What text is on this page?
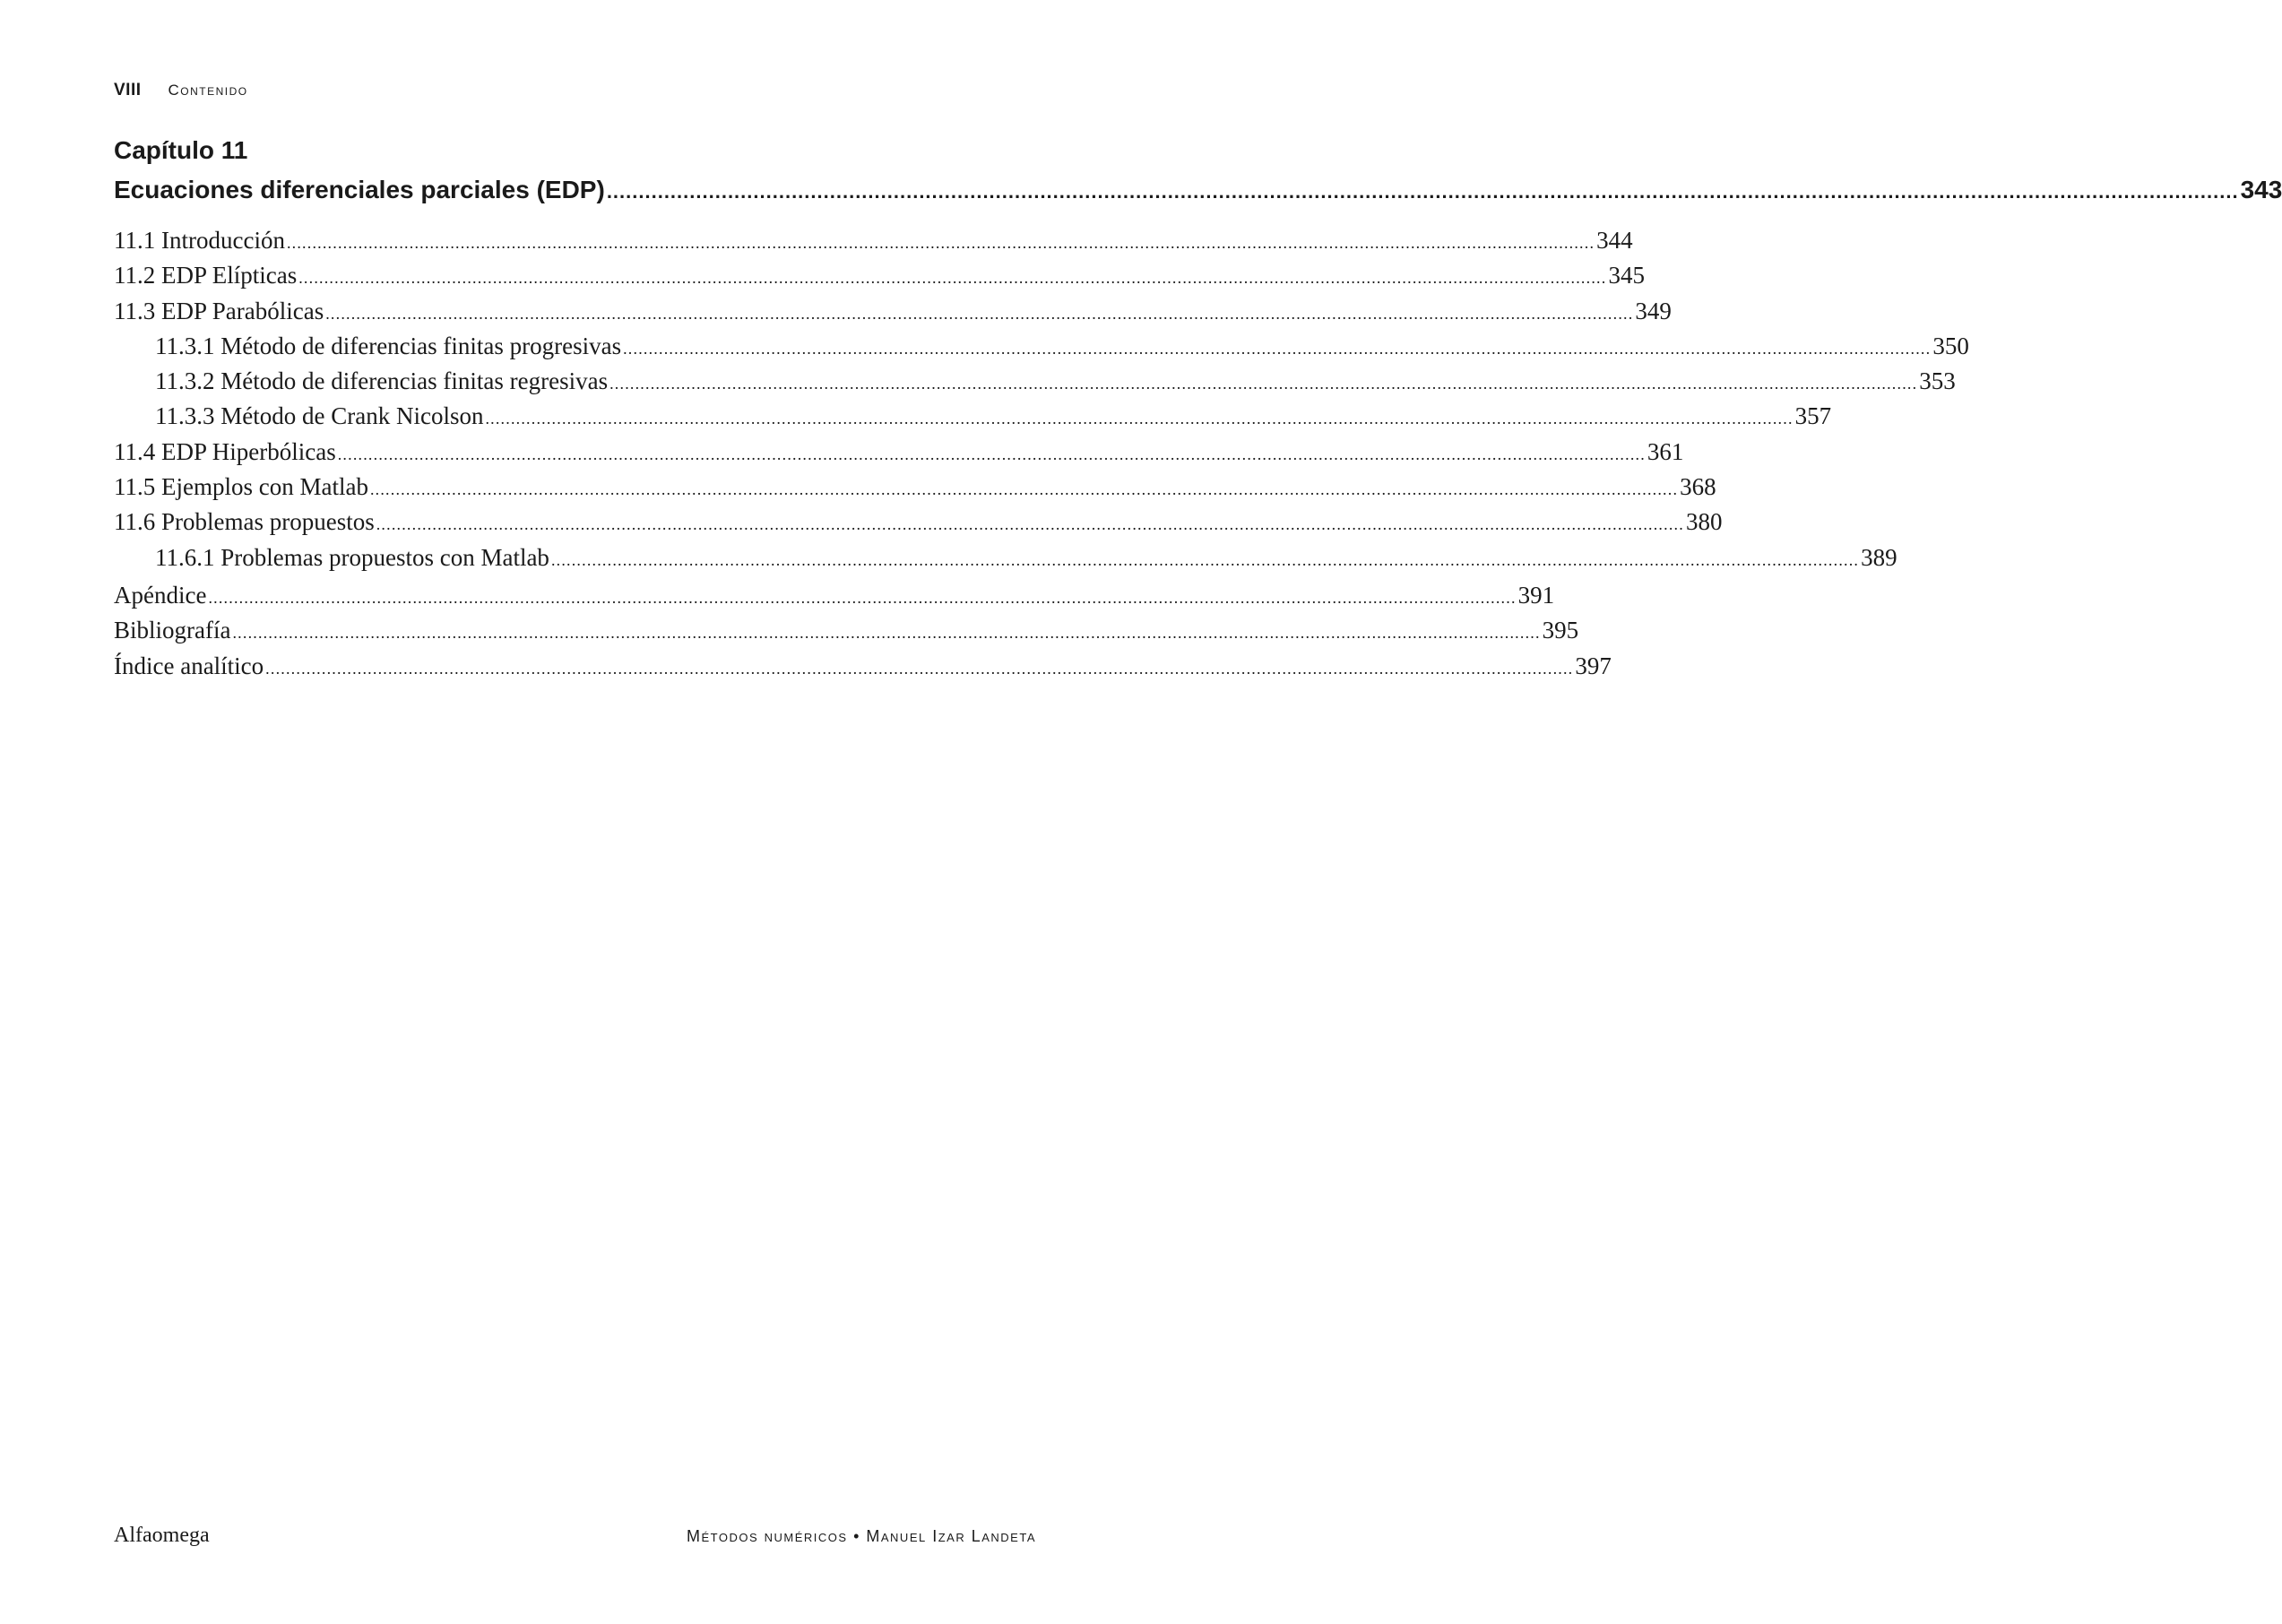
VIII Contenido
Capítulo 11
Ecuaciones diferenciales parciales (EDP) .....	343
11.1 Introducción .....	344
11.2 EDP Elípticas .....	345
11.3 EDP Parabólicas .....	349
11.3.1 Método de diferencias finitas progresivas .....	350
11.3.2 Método de diferencias finitas regresivas .....	353
11.3.3 Método de Crank Nicolson .....	357
11.4 EDP Hiperbólicas .....	361
11.5 Ejemplos con Matlab .....	368
11.6 Problemas propuestos .....	380
11.6.1 Problemas propuestos con Matlab .....	389
Apéndice .....	391
Bibliografía .....	395
Índice analítico .....	397
Alfaomega	Métodos numéricos • Manuel Izar Landeta
